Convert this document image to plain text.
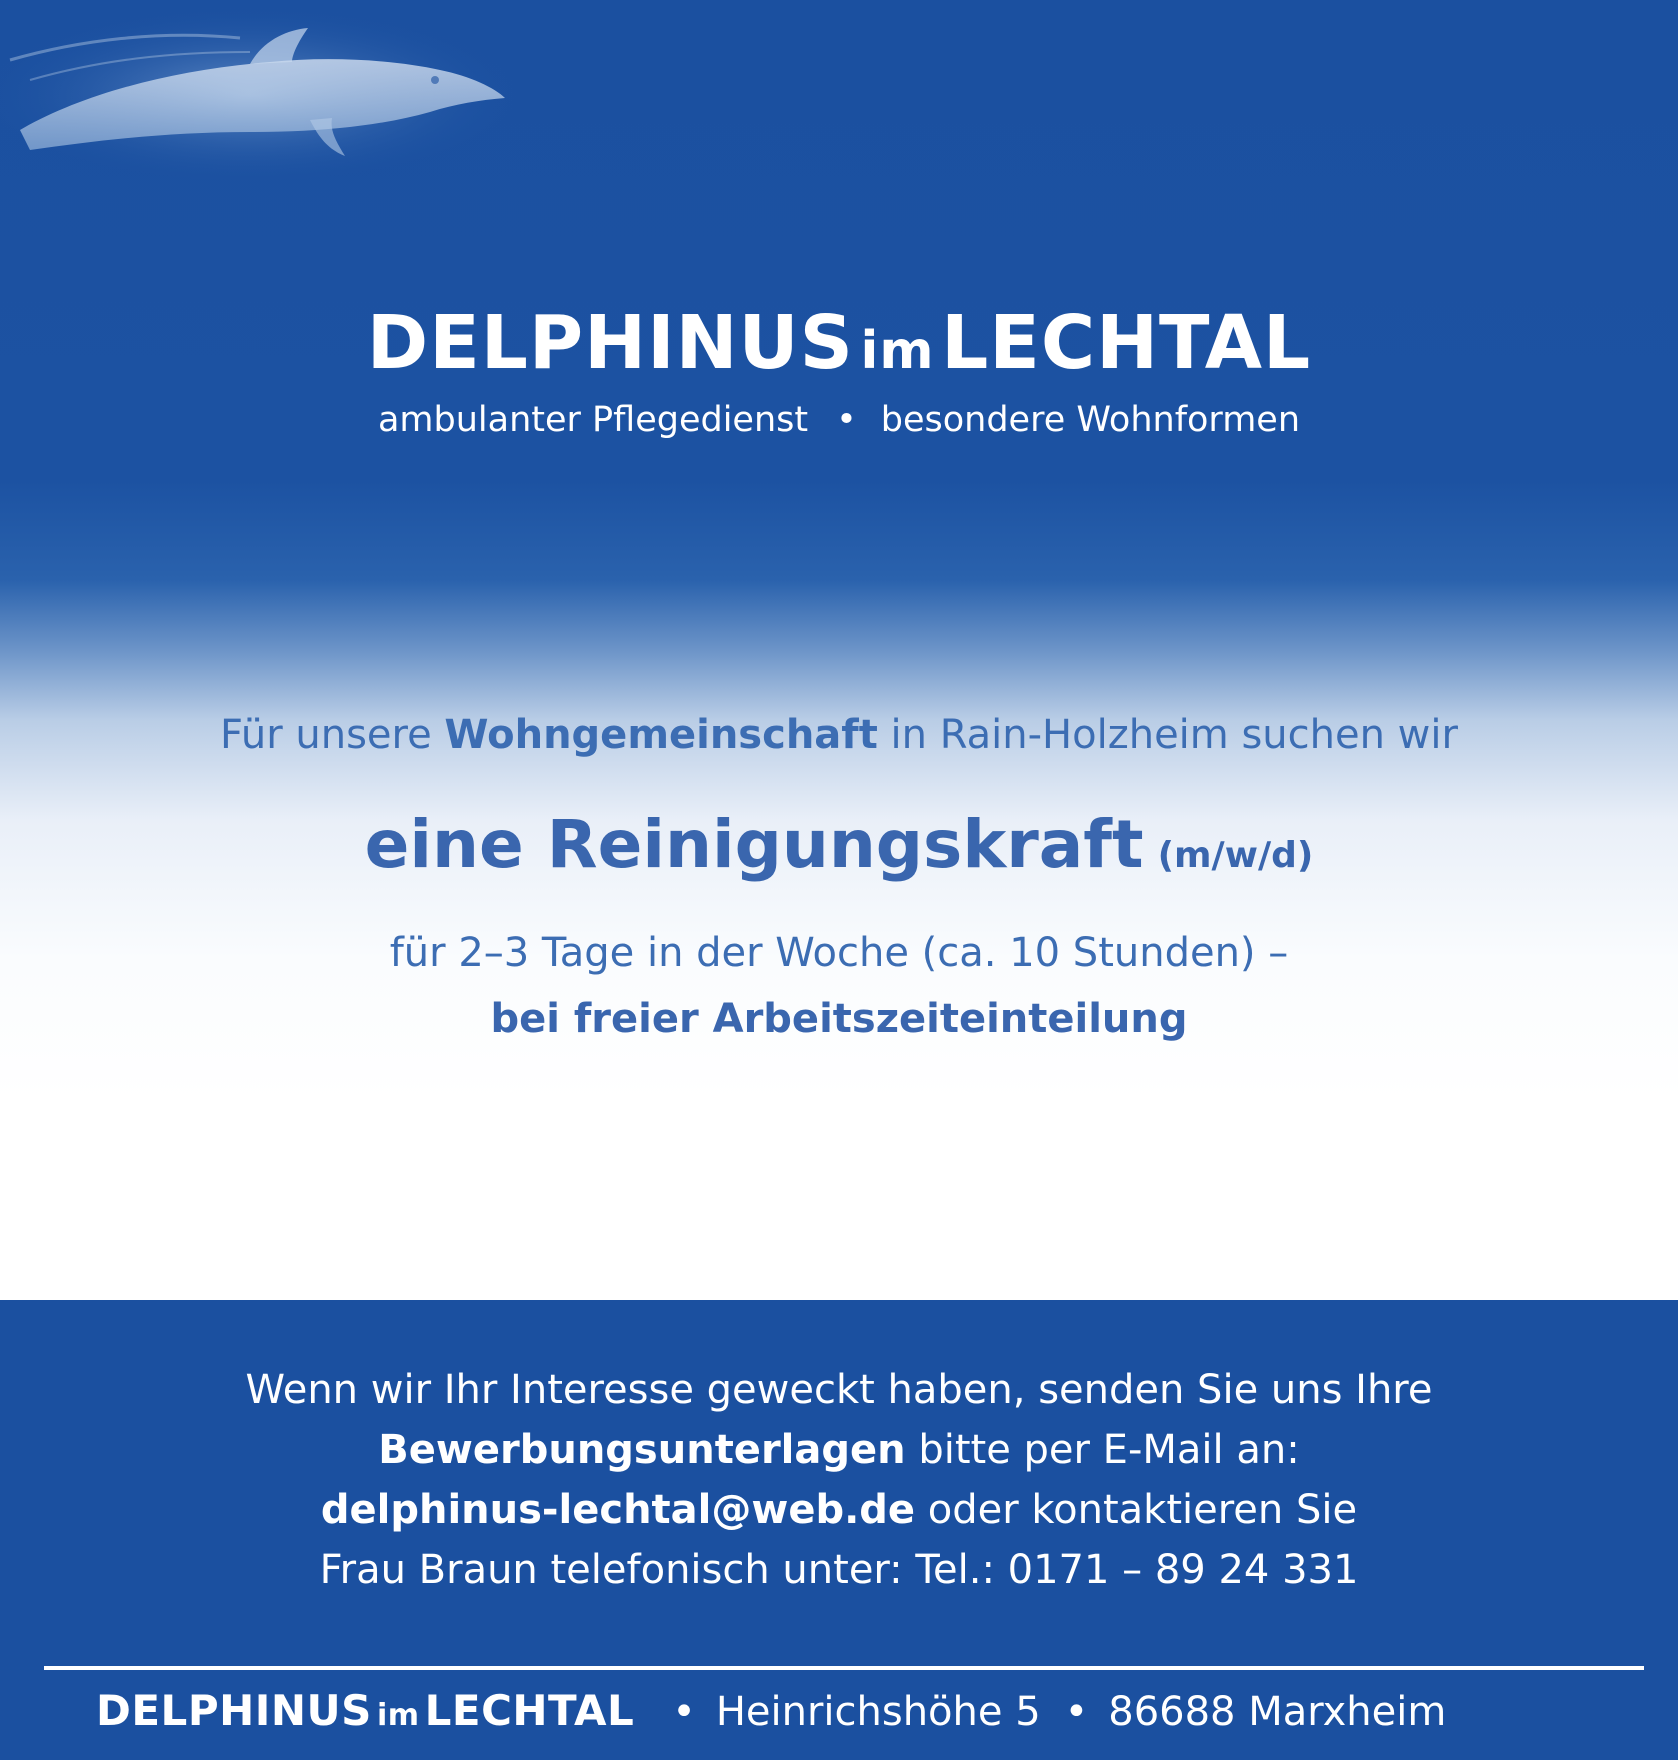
DELPHINUS im LECHTAL
ambulanter Pflegedienst • besondere Wohnformen
Für unsere Wohngemeinschaft in Rain-Holzheim suchen wir
eine Reinigungskraft (m/w/d)
für 2–3 Tage in der Woche (ca. 10 Stunden) –
bei freier Arbeitszeiteinteilung
Wenn wir Ihr Interesse geweckt haben, senden Sie uns Ihre
Bewerbungsunterlagen bitte per E-Mail an:
delphinus-lechtal@web.de oder kontaktieren Sie
Frau Braun telefonisch unter: Tel.: 0171 – 89 24 331
DELPHINUS
im
LECHTAL • Heinrichshöhe 5 • 86688 Marxheim
